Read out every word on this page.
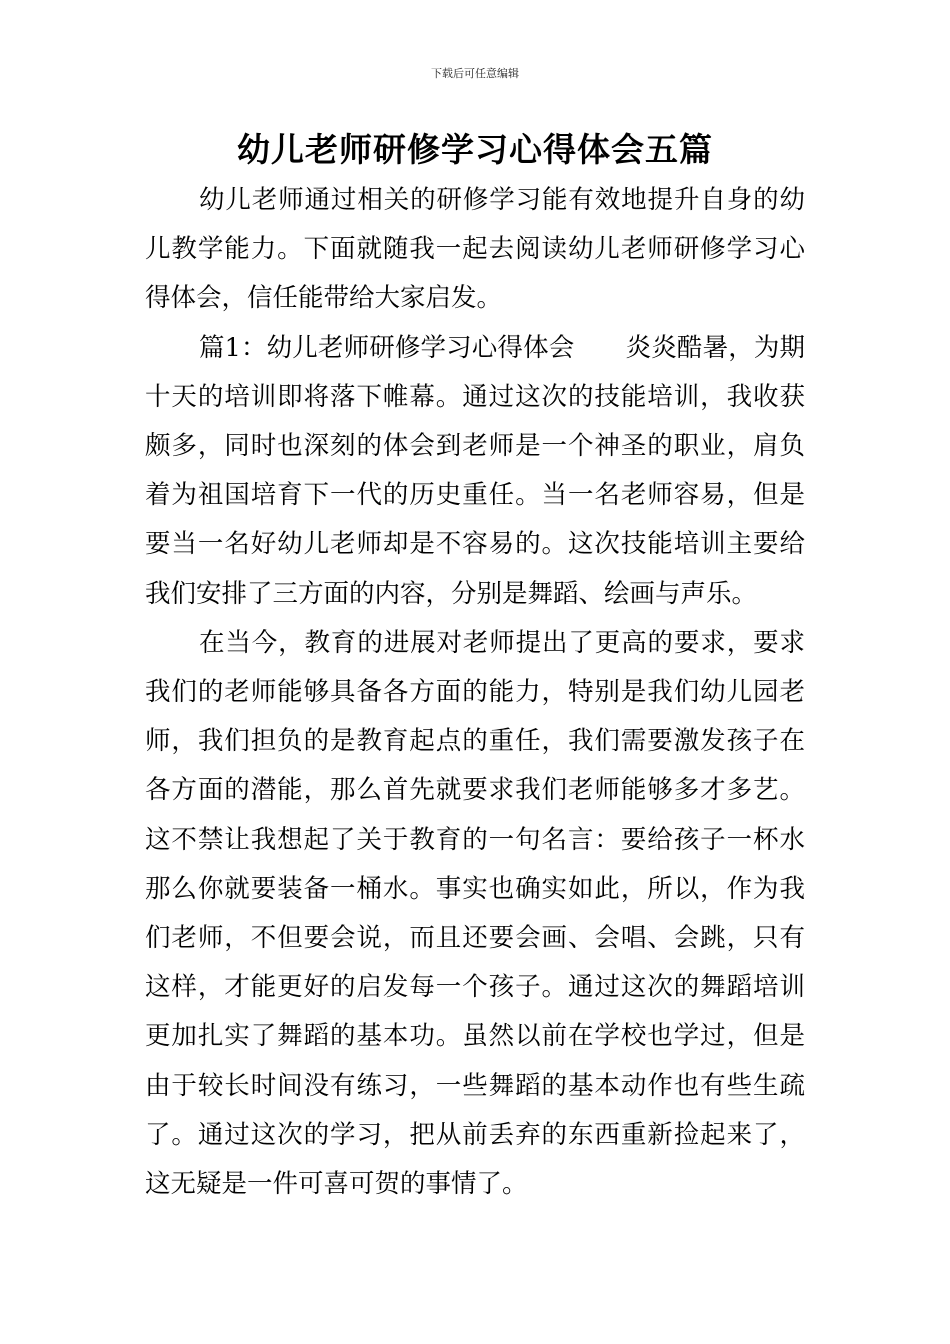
下载后可任意编辑
幼儿老师研修学习心得体会五篇

幼儿老师通过相关的研修学习能有效地提升自身的幼儿教学能力。下面就随我一起去阅读幼儿老师研修学习心得体会，信任能带给大家启发。

篇1：幼儿老师研修学习心得体会　　炎炎酷暑，为期十天的培训即将落下帷幕。通过这次的技能培训，我收获颇多，同时也深刻的体会到老师是一个神圣的职业，肩负着为祖国培育下一代的历史重任。当一名老师容易，但是要当一名好幼儿老师却是不容易的。这次技能培训主要给我们安排了三方面的内容，分别是舞蹈、绘画与声乐。

在当今，教育的进展对老师提出了更高的要求，要求我们的老师能够具备各方面的能力，特别是我们幼儿园老师，我们担负的是教育起点的重任，我们需要激发孩子在各方面的潜能，那么首先就要求我们老师能够多才多艺。这不禁让我想起了关于教育的一句名言：要给孩子一杯水那么你就要装备一桶水。事实也确实如此，所以，作为我们老师，不但要会说，而且还要会画、会唱、会跳，只有这样，才能更好的启发每一个孩子。通过这次的舞蹈培训更加扎实了舞蹈的基本功。虽然以前在学校也学过，但是由于较长时间没有练习，一些舞蹈的基本动作也有些生疏了。通过这次的学习，把从前丢弃的东西重新捡起来了，这无疑是一件可喜可贺的事情了。
